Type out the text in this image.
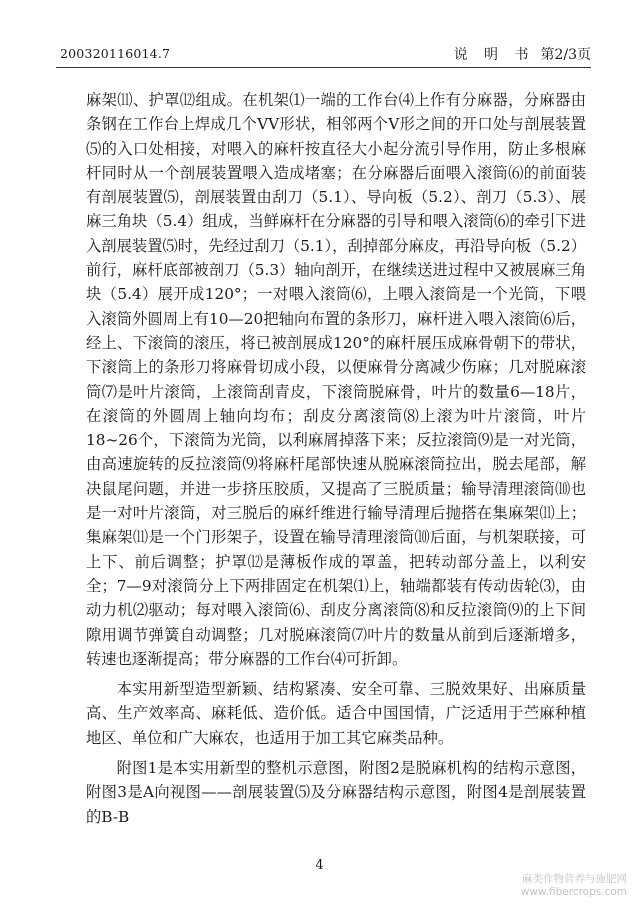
200320116014.7	说 明 书 第2/3页

麻架⑾、护罩⑿组成。在机架⑴一端的工作台⑷上作有分麻器，分麻器由条钢在工作台上焊成几个VV形状，相邻两个V形之间的开口处与剖展装置⑸的入口处相接，对喂入的麻杆按直径大小起分流引导作用，防止多根麻杆同时从一个剖展装置喂入造成堵塞；在分麻器后面喂入滚筒⑹的前面装有剖展装置⑸，剖展装置由刮刀（5.1）、导向板（5.2）、剖刀（5.3）、展麻三角块（5.4）组成，当鲜麻杆在分麻器的引导和喂入滚筒⑹的牵引下进入剖展装置⑸时，先经过刮刀（5.1），刮掉部分麻皮，再沿导向板（5.2）前行，麻杆底部被剖刀（5.3）轴向剖开，在继续送进过程中又被展麻三角块（5.4）展开成120°；一对喂入滚筒⑹，上喂入滚筒是一个光筒，下喂入滚筒外圆周上有10—20把轴向布置的条形刀，麻杆进入喂入滚筒⑹后，经上、下滚筒的滚压，将已被剖展成120°的麻杆展压成麻骨朝下的带状，下滚筒上的条形刀将麻骨切成小段，以便麻骨分离减少伤麻；几对脱麻滚筒⑺是叶片滚筒，上滚筒刮青皮，下滚筒脱麻骨，叶片的数量6—18片，在滚筒的外圆周上轴向均布；刮皮分离滚筒⑻上滚为叶片滚筒，叶片18~26个，下滚筒为光筒，以利麻屑掉落下来；反拉滚筒⑼是一对光筒，由高速旋转的反拉滚筒⑼将麻杆尾部快速从脱麻滚筒拉出，脱去尾部，解决鼠尾问题，并进一步挤压胶质，又提高了三脱质量；输导清理滚筒⑽也是一对叶片滚筒，对三脱后的麻纤维进行输导清理后抛搭在集麻架⑾上；集麻架⑾是一个门形架子，设置在输导清理滚筒⑽后面，与机架联接，可上下、前后调整；护罩⑿是薄板作成的罩盖，把转动部分盖上，以利安全；7—9对滚筒分上下两排固定在机架⑴上，轴端都装有传动齿轮⑶，由动力机⑵驱动；每对喂入滚筒⑹、刮皮分离滚筒⑻和反拉滚筒⑼的上下间隙用调节弹簧自动调整；几对脱麻滚筒⑺叶片的数量从前到后逐渐增多，转速也逐渐提高；带分麻器的工作台⑷可折卸。

本实用新型造型新颖、结构紧凑、安全可靠、三脱效果好、出麻质量高、生产效率高、麻耗低、造价低。适合中国国情，广泛适用于苎麻种植地区、单位和广大麻农，也适用于加工其它麻类品种。

附图1是本实用新型的整机示意图，附图2是脱麻机构的结构示意图，附图3是A向视图——剖展装置⑸及分麻器结构示意图，附图4是剖展装置的B-B

4
麻类作物营养与施肥网
www.fibercrops.com
